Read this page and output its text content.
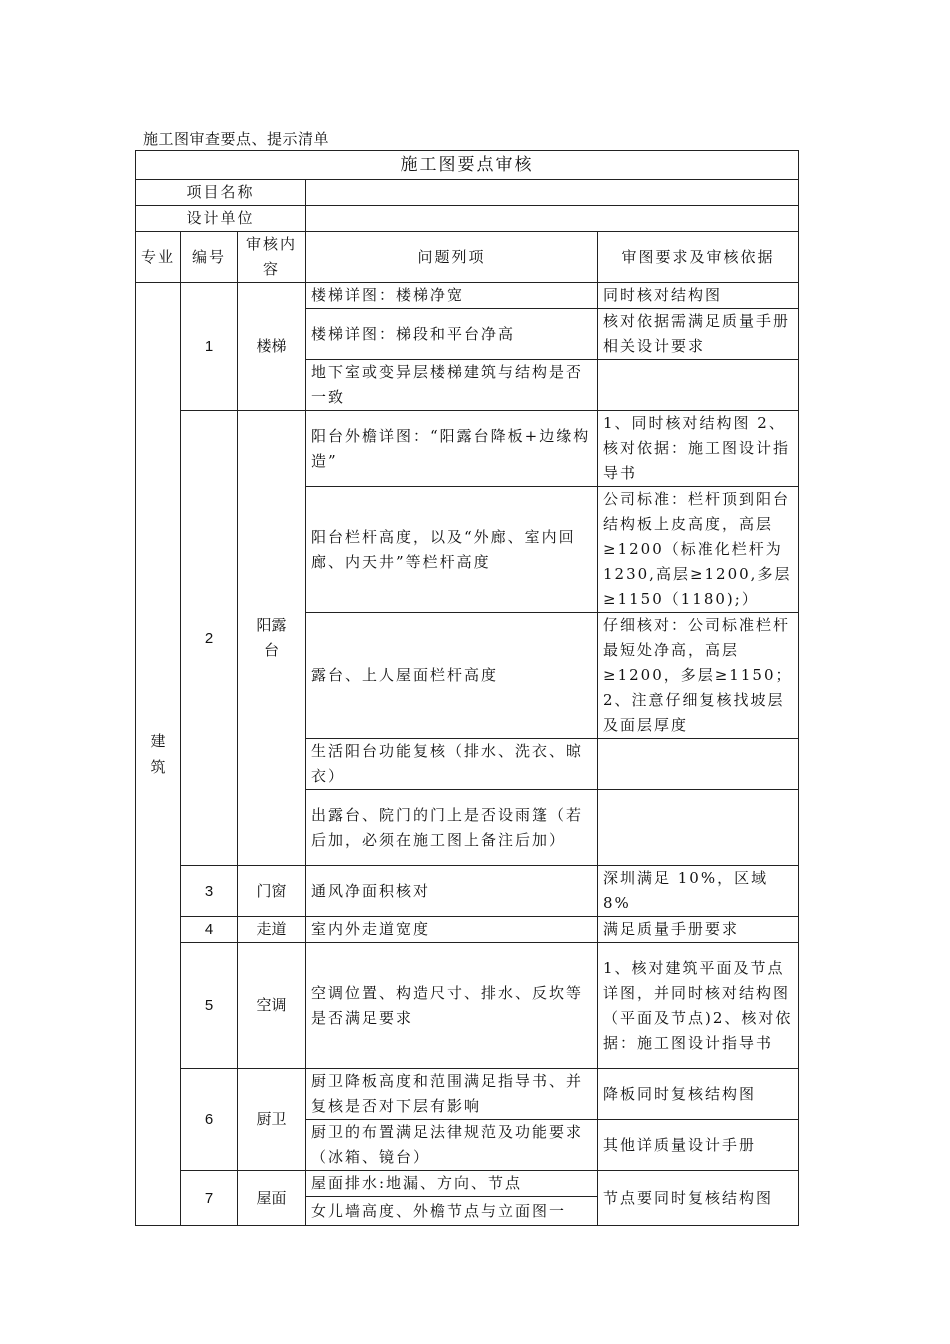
施工图审查要点、提示清单
施工图要点审核				
项目名称				
设计单位				
专业	编号	审核内容	问题列项	审图要求及审核依据
建筑	1	楼梯	楼梯详图：楼梯净宽	同时核对结构图
			楼梯详图：梯段和平台净高	核对依据需满足质量手册相关设计要求
			地下室或变异层楼梯建筑与结构是否一致	
	2	阳露台	阳台外檐详图：“阳露台降板+边缘构造”	1、同时核对结构图 2、核对依据：施工图设计指导书
			阳台栏杆高度，以及“外廊、室内回廊、内天井”等栏杆高度	公司标准：栏杆顶到阳台结构板上皮高度，高层≥1200（标准化栏杆为 1230,高层≥1200,多层≥1150（1180);）
			露台、上人屋面栏杆高度	仔细核对：公司标准栏杆最短处净高，高层≥1200，多层≥1150；2、注意仔细复核找坡层及面层厚度
			生活阳台功能复核（排水、洗衣、晾衣）	
			出露台、院门的门上是否设雨篷（若后加，必须在施工图上备注后加）	
	3	门窗	通风净面积核对	深圳满足 10%，区域8%
	4	走道	室内外走道宽度	满足质量手册要求
	5	空调	空调位置、构造尺寸、排水、反坎等是否满足要求	1、核对建筑平面及节点详图，并同时核对结构图（平面及节点)2、核对依据：施工图设计指导书
	6	厨卫	厨卫降板高度和范围满足指导书、并复核是否对下层有影响	降板同时复核结构图
			厨卫的布置满足法律规范及功能要求（冰箱、镜台）	其他详质量设计手册
	7	屋面	屋面排水:地漏、方向、节点	节点要同时复核结构图
			女儿墙高度、外檐节点与立面图一	
